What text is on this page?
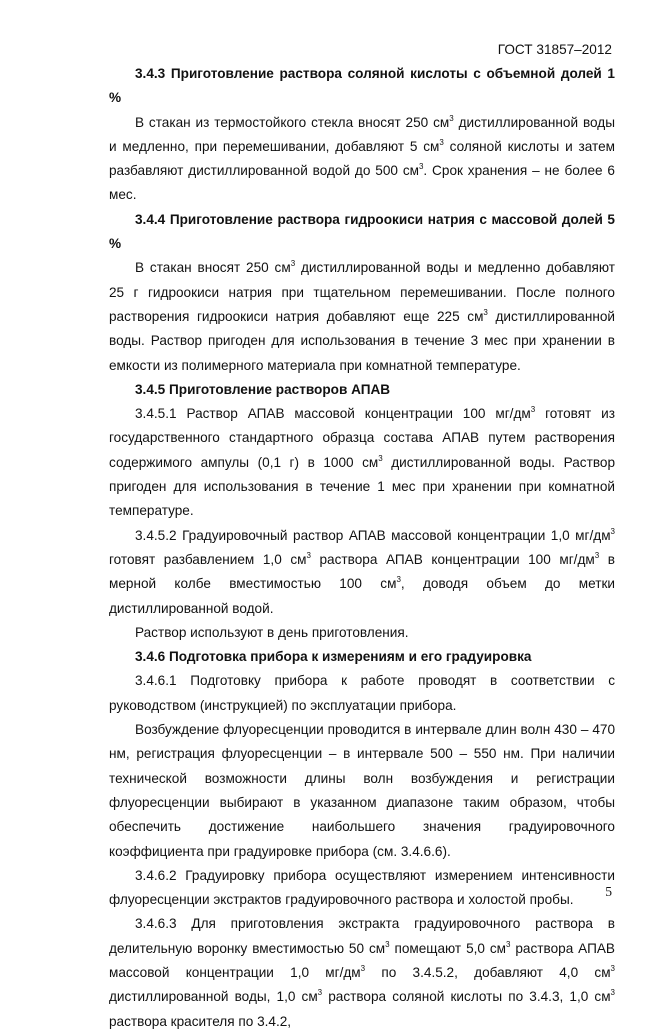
ГОСТ 31857–2012

3.4.3 Приготовление раствора соляной кислоты с объемной долей 1 %

В стакан из термостойкого стекла вносят 250 $см^3$ дистиллированной воды и медленно, при перемешивании, добавляют 5 $см^3$ соляной кислоты и затем разбавляют дистиллированной водой до 500 $см^3$. Срок хранения – не более 6 мес.

3.4.4 Приготовление раствора гидроокиси натрия с массовой долей 5 %

В стакан вносят 250 $см^3$ дистиллированной воды и медленно добавляют 25 г гидроокиси натрия при тщательном перемешивании. После полного растворения гидроокиси натрия добавляют еще 225 $см^3$ дистиллированной воды. Раствор пригоден для использования в течение 3 мес при хранении в емкости из полимерного материала при комнатной температуре.

3.4.5 Приготовление растворов АПАВ

3.4.5.1 Раствор АПАВ массовой концентрации 100 $мг/дм^3$ готовят из государственного стандартного образца состава АПАВ путем растворения содержимого ампулы (0,1 г) в 1000 $см^3$ дистиллированной воды. Раствор пригоден для использования в течение 1 мес при хранении при комнатной температуре.

3.4.5.2 Градуировочный раствор АПАВ массовой концентрации 1,0 $мг/дм^3$ готовят разбавлением 1,0 $см^3$ раствора АПАВ концентрации 100 $мг/дм^3$ в мерной колбе вместимостью 100 $см^3$, доводя объем до метки дистиллированной водой.

Раствор используют в день приготовления.

3.4.6 Подготовка прибора к измерениям и его градуировка

3.4.6.1 Подготовку прибора к работе проводят в соответствии с руководством (инструкцией) по эксплуатации прибора.

Возбуждение флуоресценции проводится в интервале длин волн 430 – 470 нм, регистрация флуоресценции – в интервале 500 – 550 нм. При наличии технической возможности длины волн возбуждения и регистрации флуоресценции выбирают в указанном диапазоне таким образом, чтобы обеспечить достижение наибольшего значения градуировочного коэффициента при градуировке прибора (см. 3.4.6.6).

3.4.6.2 Градуировку прибора осуществляют измерением интенсивности флуоресценции экстрактов градуировочного раствора и холостой пробы.

3.4.6.3 Для приготовления экстракта градуировочного раствора в делительную воронку вместимостью 50 $см^3$ помещают 5,0 $см^3$ раствора АПАВ массовой концентрации 1,0 $мг/дм^3$ по 3.4.5.2, добавляют 4,0 $см^3$ дистиллированной воды, 1,0 $см^3$ раствора соляной кислоты по 3.4.3, 1,0 $см^3$ раствора красителя по 3.4.2,

5
